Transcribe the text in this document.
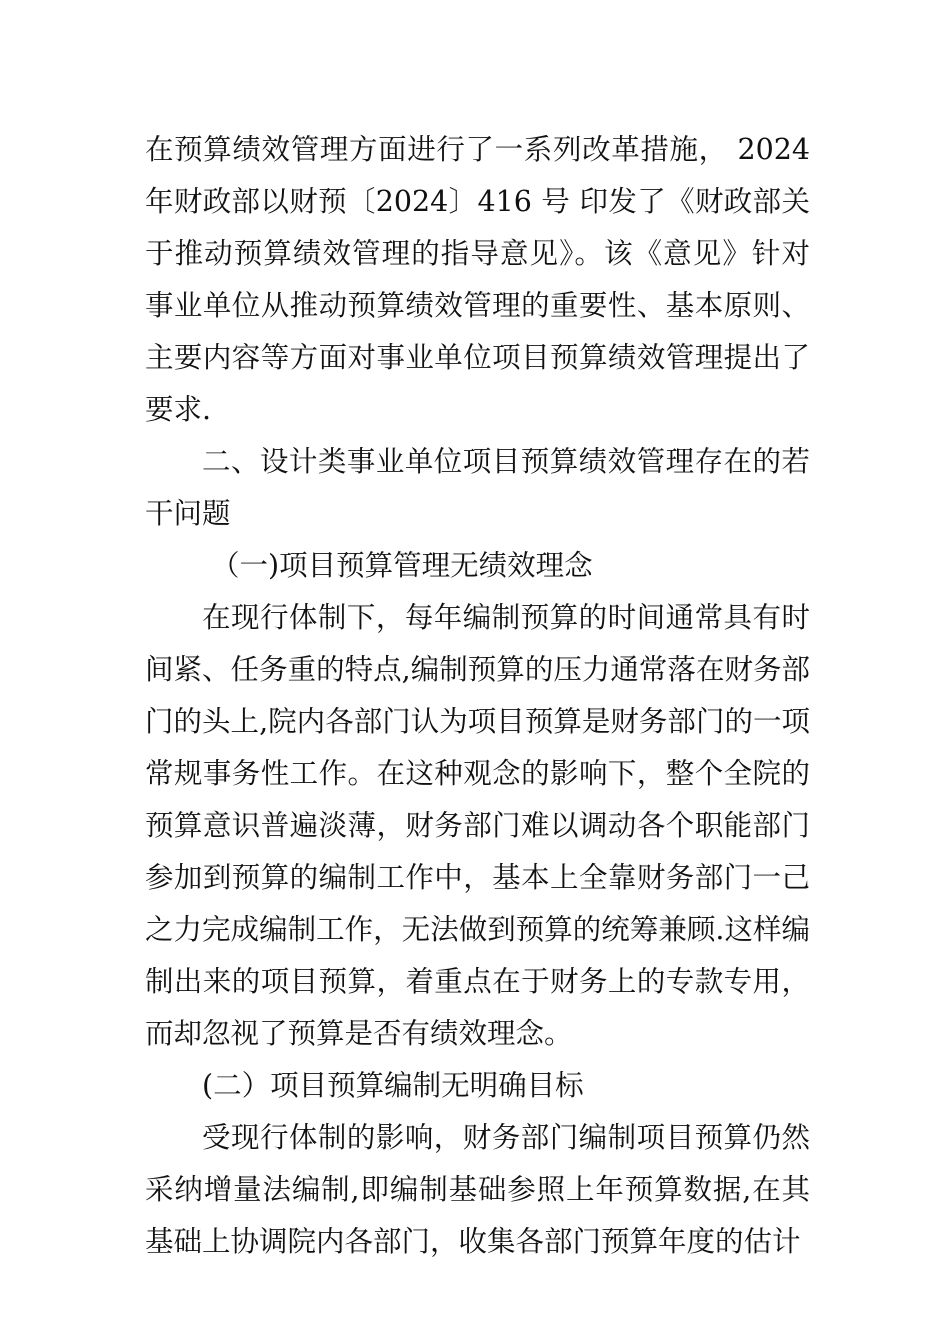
在预算绩效管理方面进行了一系列改革措施， 2024 年财政部以财预〔2024〕416 号 印发了《财政部关于推动预算绩效管理的指导意见》。该《意见》针对事业单位从推动预算绩效管理的重要性、基本原则、主要内容等方面对事业单位项目预算绩效管理提出了要求.

二、设计类事业单位项目预算绩效管理存在的若干问题

（一)项目预算管理无绩效理念

在现行体制下，每年编制预算的时间通常具有时间紧、任务重的特点,编制预算的压力通常落在财务部门的头上,院内各部门认为项目预算是财务部门的一项常规事务性工作。在这种观念的影响下，整个全院的预算意识普遍淡薄，财务部门难以调动各个职能部门参加到预算的编制工作中，基本上全靠财务部门一己之力完成编制工作，无法做到预算的统筹兼顾.这样编制出来的项目预算，着重点在于财务上的专款专用，而却忽视了预算是否有绩效理念。

(二）项目预算编制无明确目标

受现行体制的影响，财务部门编制项目预算仍然采纳增量法编制,即编制基础参照上年预算数据,在其基础上协调院内各部门，收集各部门预算年度的估计
